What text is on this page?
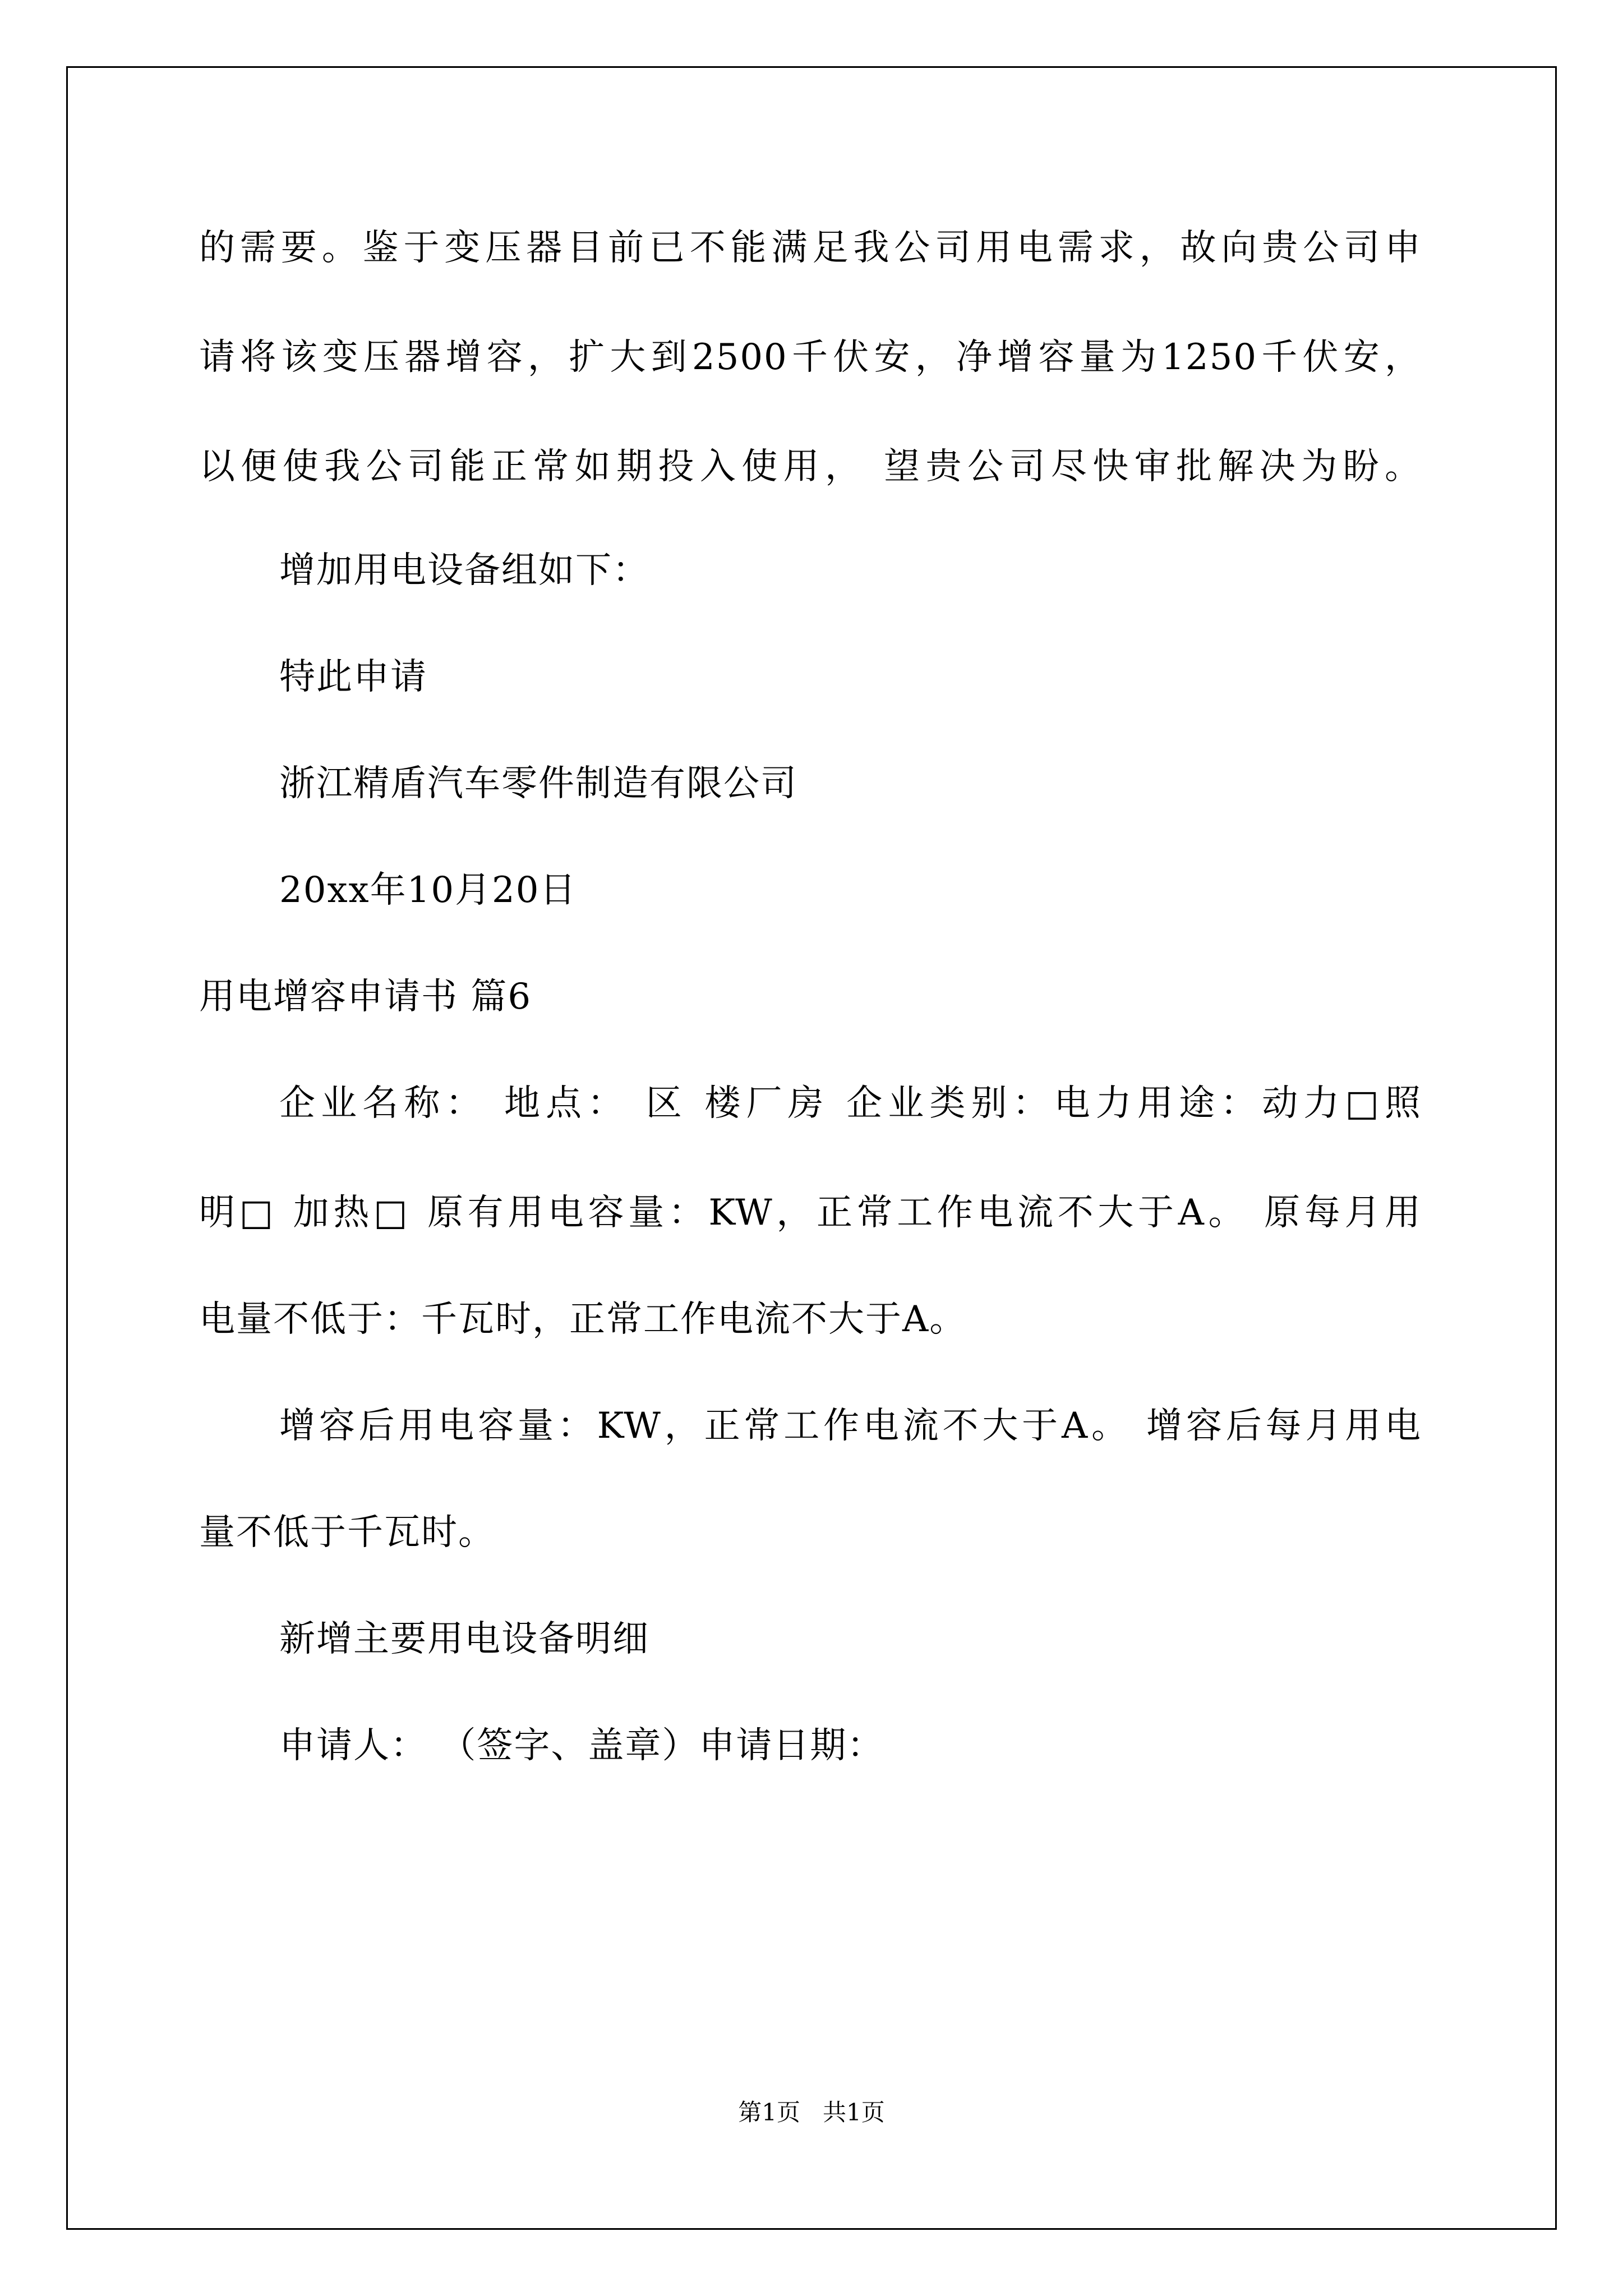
的需要。鉴于变压器目前已不能满足我公司用电需求，故向贵公司申
请将该变压器增容，扩大到2500千伏安，净增容量为1250千伏安，
以便使我公司能正常如期投入使用， 望贵公司尽快审批解决为盼。
增加用电设备组如下：
特此申请
浙江精盾汽车零件制造有限公司
20xx年10月20日
用电增容申请书 篇6
企业名称： 地点： 区 楼厂房 企业类别：电力用途：动力□照
明□ 加热□ 原有用电容量：KW，正常工作电流不大于A。 原每月用
电量不低于：千瓦时，正常工作电流不大于A。
增容后用电容量：KW，正常工作电流不大于A。 增容后每月用电
量不低于千瓦时。
新增主要用电设备明细
申请人： （签字、盖章）申请日期：
第1页   共1页
